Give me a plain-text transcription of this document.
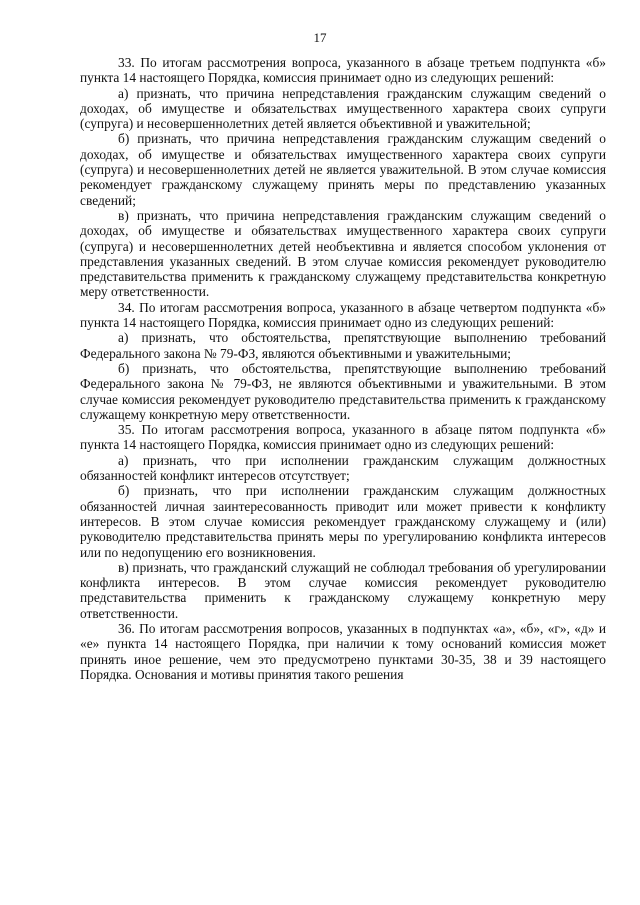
17

33. По итогам рассмотрения вопроса, указанного в абзаце третьем подпункта «б» пункта 14 настоящего Порядка, комиссия принимает одно из следующих решений:

а) признать, что причина непредставления гражданским служащим сведений о доходах, об имуществе и обязательствах имущественного характера своих супруги (супруга) и несовершеннолетних детей является объективной и уважительной;

б) признать, что причина непредставления гражданским служащим сведений о доходах, об имуществе и обязательствах имущественного характера своих супруги (супруга) и несовершеннолетних детей не является уважительной. В этом случае комиссия рекомендует гражданскому служащему принять меры по представлению указанных сведений;

в) признать, что причина непредставления гражданским служащим сведений о доходах, об имуществе и обязательствах имущественного характера своих супруги (супруга) и несовершеннолетних детей необъективна и является способом уклонения от представления указанных сведений. В этом случае комиссия рекомендует руководителю представительства применить к гражданскому служащему представительства конкретную меру ответственности.

34. По итогам рассмотрения вопроса, указанного в абзаце четвертом подпункта «б» пункта 14 настоящего Порядка, комиссия принимает одно из следующих решений:

а) признать, что обстоятельства, препятствующие выполнению требований Федерального закона № 79-ФЗ, являются объективными и уважительными;

б) признать, что обстоятельства, препятствующие выполнению требований Федерального закона № 79-ФЗ, не являются объективными и уважительными. В этом случае комиссия рекомендует руководителю представительства применить к гражданскому служащему конкретную меру ответственности.

35. По итогам рассмотрения вопроса, указанного в абзаце пятом подпункта «б» пункта 14 настоящего Порядка, комиссия принимает одно из следующих решений:

а) признать, что при исполнении гражданским служащим должностных обязанностей конфликт интересов отсутствует;

б) признать, что при исполнении гражданским служащим должностных обязанностей личная заинтересованность приводит или может привести к конфликту интересов. В этом случае комиссия рекомендует гражданскому служащему и (или) руководителю представительства принять меры по урегулированию конфликта интересов или по недопущению его возникновения.

в) признать, что гражданский служащий не соблюдал требования об урегулировании конфликта интересов. В этом случае комиссия рекомендует руководителю представительства применить к гражданскому служащему конкретную меру ответственности.

36. По итогам рассмотрения вопросов, указанных в подпунктах «а», «б», «г», «д» и «е» пункта 14 настоящего Порядка, при наличии к тому оснований комиссия может принять иное решение, чем это предусмотрено пунктами 30-35, 38 и 39 настоящего Порядка. Основания и мотивы принятия такого решения
